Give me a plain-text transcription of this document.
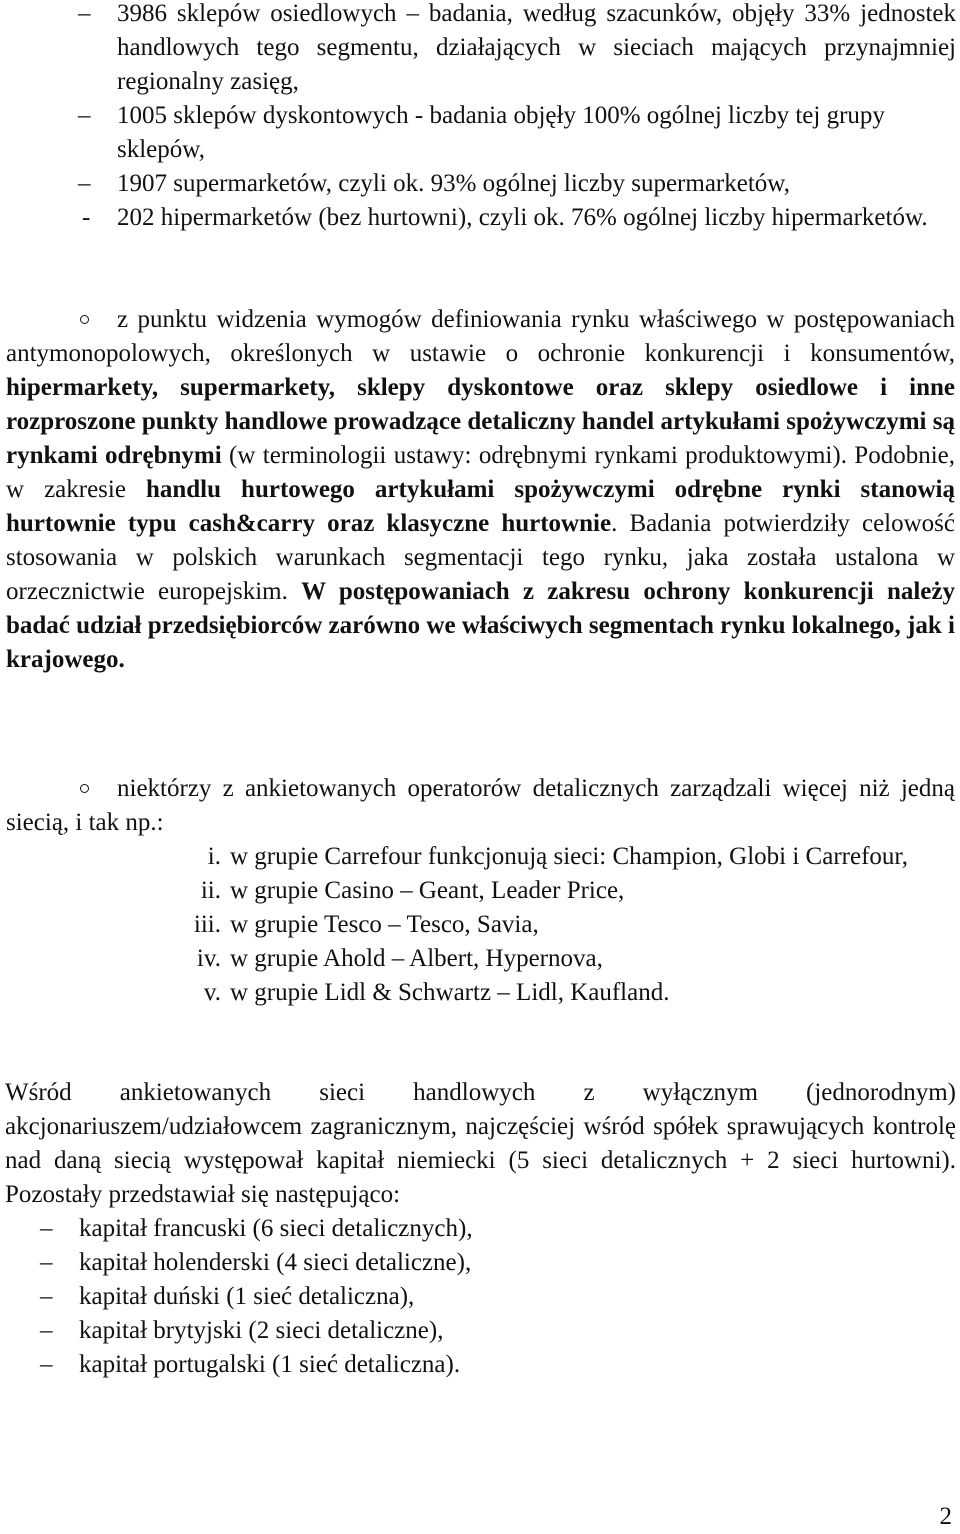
– 3986 sklepów osiedlowych – badania, według szacunków, objęły 33% jednostek handlowych tego segmentu, działających w sieciach mających przynajmniej regionalny zasięg,
– 1005 sklepów dyskontowych - badania objęły 100% ogólnej liczby tej grupy sklepów,
– 1907 supermarketów, czyli ok. 93% ogólnej liczby supermarketów,
- 202 hipermarketów (bez hurtowni), czyli ok. 76% ogólnej liczby hipermarketów.
z punktu widzenia wymogów definiowania rynku właściwego w postępowaniach antymonopolowych, określonych w ustawie o ochronie konkurencji i konsumentów, hipermarkety, supermarkety, sklepy dyskontowe oraz sklepy osiedlowe i inne rozproszone punkty handlowe prowadzące detaliczny handel artykułami spożywczymi są rynkami odrębnymi (w terminologii ustawy: odrębnymi rynkami produktowymi). Podobnie, w zakresie handlu hurtowego artykułami spożywczymi odrębne rynki stanowią hurtownie typu cash&carry oraz klasyczne hurtownie. Badania potwierdziły celowość stosowania w polskich warunkach segmentacji tego rynku, jaka została ustalona w orzecznictwie europejskim. W postępowaniach z zakresu ochrony konkurencji należy badać udział przedsiębiorców zarówno we właściwych segmentach rynku lokalnego, jak i krajowego.
niektórzy z ankietowanych operatorów detalicznych zarządzali więcej niż jedną siecią, i tak np.:
i. w grupie Carrefour funkcjonują sieci: Champion, Globi i Carrefour,
ii. w grupie Casino – Geant, Leader Price,
iii. w grupie Tesco – Tesco, Savia,
iv. w grupie Ahold – Albert, Hypernova,
v. w grupie Lidl & Schwartz – Lidl, Kaufland.
Wśród ankietowanych sieci handlowych z wyłącznym (jednorodnym) akcjonariuszem/udziałowcem zagranicznym, najczęściej wśród spółek sprawujących kontrolę nad daną siecią występował kapitał niemiecki (5 sieci detalicznych + 2 sieci hurtowni). Pozostały przedstawiał się następująco:
– kapitał francuski (6 sieci detalicznych),
– kapitał holenderski (4 sieci detaliczne),
– kapitał duński (1 sieć detaliczna),
– kapitał brytyjski (2 sieci detaliczne),
– kapitał portugalski (1 sieć detaliczna).
2
